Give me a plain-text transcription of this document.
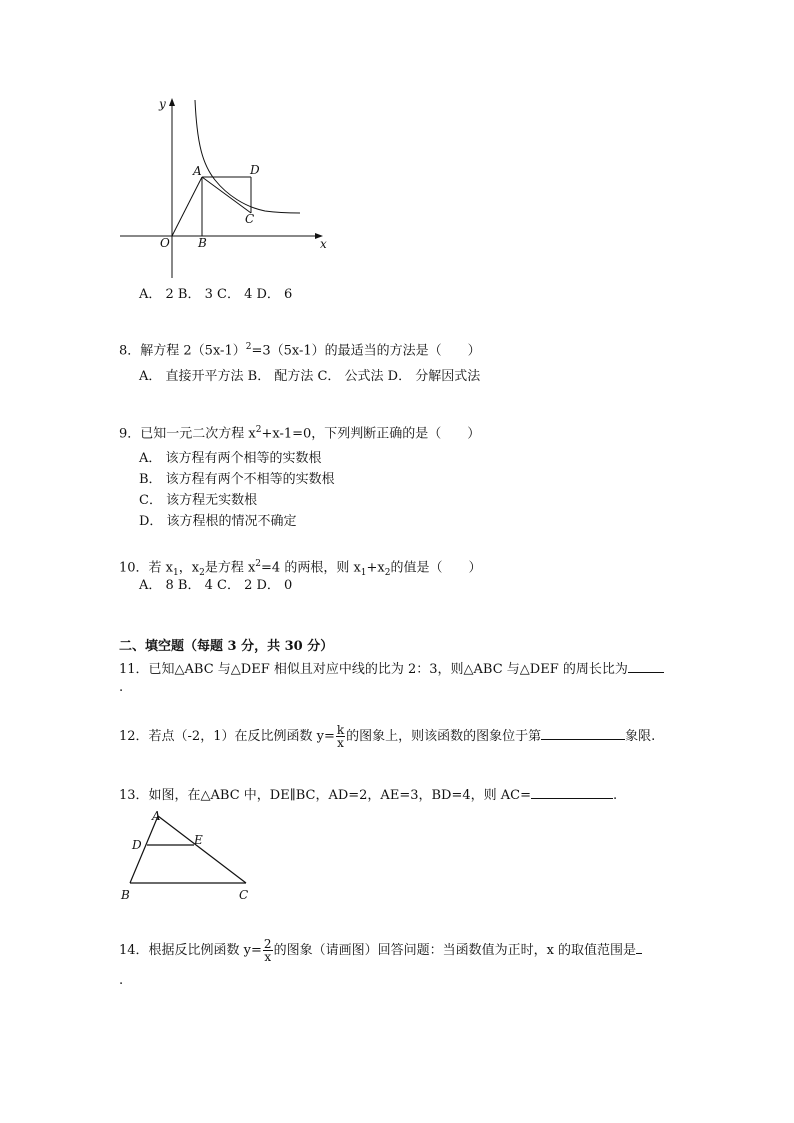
y
x
O
A
B
C
D
A． 2 B． 3 C． 4 D． 6
8．解方程 $2(5x-1)^2=3(5x-1)$的最适当的方法是（　　）
A． 直接开平方法 B． 配方法 C． 公式法 D． 分解因式法
9．已知一元二次方程 $x^2+x-1=0$，下列判断正确的是（　　）
A． 该方程有两个相等的实数根
B． 该方程有两个不相等的实数根
C． 该方程无实数根
D． 该方程根的情况不确定
10．若 $x_1$，$x_2$是方程 $x^2=4$ 的两根，则 $x_1+x_2$的值是（　　）
A． 8 B． 4 C． 2 D． 0
二、填空题（每题 3 分，共 30 分）
11．已知△ABC 与△DEF 相似且对应中线的比为 2：3，则△ABC 与△DEF 的周长比为
.
12．若点（-2，1）在反比例函数 $y= \frac{k}{x}$ 的图象上，则该函数的图象位于第	象限.
13．如图，在△ABC 中，DE∥BC，AD=2，AE=3，BD=4，则 AC=	.
A
D	E
B	C
14．根据反比例函数 $y= \frac{2}{x}$ 的图象（请画图）回答问题：当函数值为正时，x 的取值范围是
.
